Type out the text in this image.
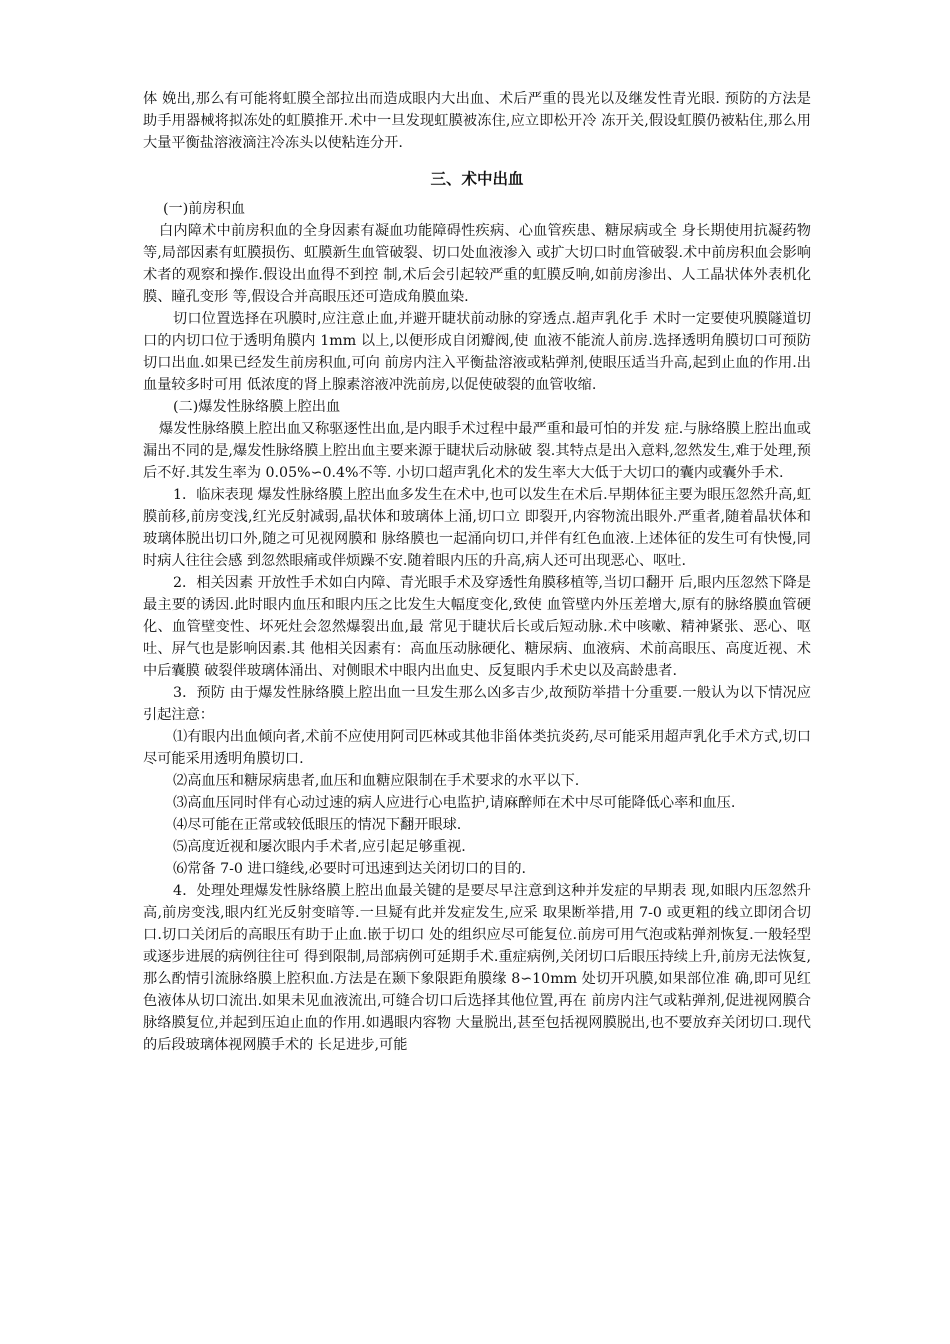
体 娩出,那么有可能将虹膜全部拉出而造成眼内大出血、术后严重的畏光以及继发性青光眼. 预防的方法是助手用器械将拟冻处的虹膜推开.术中一旦发现虹膜被冻住,应立即松开冷 冻开关,假设虹膜仍被粘住,那么用大量平衡盐溶液滴注冷冻头以使粘连分开.

三、术中出血

(一)前房积血

白内障术中前房积血的全身因素有凝血功能障碍性疾病、心血管疾患、糖尿病或全 身长期使用抗凝药物等,局部因素有虹膜损伤、虹膜新生血管破裂、切口处血液渗入 或扩大切口时血管破裂.术中前房积血会影响术者的观察和操作.假设出血得不到控 制,术后会引起较严重的虹膜反响,如前房渗出、人工晶状体外表机化膜、瞳孔变形 等,假设合并高眼压还可造成角膜血染.

切口位置选择在巩膜时,应注意止血,并避开睫状前动脉的穿透点.超声乳化手 术时一定要使巩膜隧道切口的内切口位于透明角膜内 1mm 以上,以便形成自闭瓣阀,使 血液不能流人前房.选择透明角膜切口可预防切口出血.如果已经发生前房积血,可向 前房内注入平衡盐溶液或粘弹剂,使眼压适当升高,起到止血的作用.出血量较多时可用 低浓度的肾上腺素溶液冲洗前房,以促使破裂的血管收缩.

(二)爆发性脉络膜上腔出血

爆发性脉络膜上腔出血又称驱逐性出血,是内眼手术过程中最严重和最可怕的并发 症.与脉络膜上腔出血或漏出不同的是,爆发性脉络膜上腔出血主要来源于睫状后动脉破 裂.其特点是出入意料,忽然发生,难于处理,预后不好.其发生率为 0.05%∽0.4%不等. 小切口超声乳化术的发生率大大低于大切口的囊内或囊外手术.

1．临床表现 爆发性脉络膜上腔出血多发生在术中,也可以发生在术后.早期体征主要为眼压忽然升高,虹膜前移,前房变浅,红光反射减弱,晶状体和玻璃体上涌,切口立 即裂开,内容物流出眼外.严重者,随着晶状体和玻璃体脱出切口外,随之可见视网膜和 脉络膜也一起涌向切口,并伴有红色血液.上述体征的发生可有快慢,同时病人往往会感 到忽然眼痛或伴烦躁不安.随着眼内压的升高,病人还可出现恶心、呕吐.

2．相关因素 开放性手术如白内障、青光眼手术及穿透性角膜移植等,当切口翻开 后,眼内压忽然下降是最主要的诱因.此时眼内血压和眼内压之比发生大幅度变化,致使 血管壁内外压差增大,原有的脉络膜血管硬化、血管壁变性、坏死灶会忽然爆裂出血,最 常见于睫状后长或后短动脉.术中咳嗽、精神紧张、恶心、呕吐、屏气也是影响因素.其 他相关因素有：高血压动脉硬化、糖尿病、血液病、术前高眼压、高度近视、术中后囊膜 破裂伴玻璃体涌出、对侧眼术中眼内出血史、反复眼内手术史以及高龄患者.

3．预防 由于爆发性脉络膜上腔出血一旦发生那么凶多吉少,故预防举措十分重要.一般认为以下情况应引起注意：

⑴有眼内出血倾向者,术前不应使用阿司匹林或其他非甾体类抗炎药,尽可能采用超声乳化手术方式,切口尽可能采用透明角膜切口.

⑵高血压和糖尿病患者,血压和血糖应限制在手术要求的水平以下.

⑶高血压同时伴有心动过速的病人应进行心电监护,请麻醉师在术中尽可能降低心率和血压.

⑷尽可能在正常或较低眼压的情况下翻开眼球.

⑸高度近视和屡次眼内手术者,应引起足够重视.

⑹常备 7-0 进口缝线,必要时可迅速到达关闭切口的目的.

4．处理处理爆发性脉络膜上腔出血最关键的是要尽早注意到这种并发症的早期表 现,如眼内压忽然升高,前房变浅,眼内红光反射变暗等.一旦疑有此并发症发生,应采 取果断举措,用 7-0 或更粗的线立即闭合切口.切口关闭后的高眼压有助于止血.嵌于切口 处的组织应尽可能复位.前房可用气泡或粘弹剂恢复.一般轻型或逐步进展的病例往往可 得到限制,局部病例可延期手术.重症病例,关闭切口后眼压持续上升,前房无法恢复, 那么酌情引流脉络膜上腔积血.方法是在颞下象限距角膜缘 8∽10mm 处切开巩膜,如果部位准 确,即可见红色液体从切口流出.如果未见血液流出,可缝合切口后选择其他位置,再在 前房内注气或粘弹剂,促进视网膜合脉络膜复位,并起到压迫止血的作用.如遇眼内容物 大量脱出,甚至包括视网膜脱出,也不要放弃关闭切口.现代的后段玻璃体视网膜手术的 长足进步,可能
